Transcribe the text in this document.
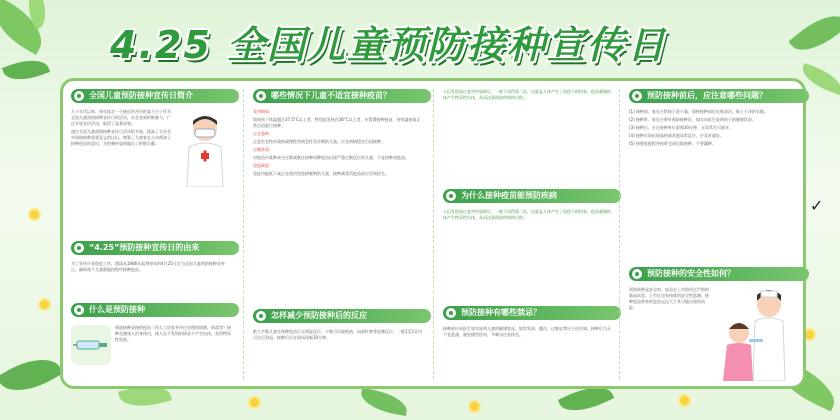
✓
4.25 全国儿童预防接种宣传日
全国儿童预防接种宣传日简介

九十年代以来，每年选定一个接近四月份的某个日子作为全国儿童预防接种宣传日的活动，社会各界积极参与，广泛开展宣传活动，取得了显著成效。

通过全国儿童预防接种宣传日活动的开展，提高了全社会对预防接种重要意义的认识，增强了儿童家长主动带孩子接种疫苗的意识，为控制传染病做出了积极贡献。

“4.25”预防接种宣传日的由来

为了宣传计划免疫工作，我国从1986年起将每年的4月25日定为全国儿童预防接种宣传日，确保每个儿童都能按程序接种疫苗。

什么是预防接种

预防接种是指把疫苗（用人工培育并经过处理的病菌、病毒等）接种在健康人的身体内，使人在不发病的情况下产生抗体，获得特异性免疫。

哪些情况下儿童不适宜接种疫苗？

发热期间：

如果孩子体温超过37.5°C以上者，特别是发热在38°C以上者，应暂缓接种疫苗，待体温恢复正常后再进行接种。

正在患病：

正患有急性传染病或慢性疾病急性发作期的儿童，应在病情稳定后再接种。

过敏体质：

对疫苗中某种成分过敏或既往接种同种疫苗出现严重过敏反应的儿童，不宜接种该疫苗。

免疫缺陷：

免疫功能低下或正在使用免疫抑制剂的儿童，接种减毒活疫苗前应咨询医生。

怎样减少预防接种后的反应

绝大多数儿童在接种疫苗后无明显反应，少数可出现低热、局部红肿等轻微反应，一般1至2天内可自行消退。接种后应在现场留观30分钟。

人们发现患过某些传染病后，一般不再得第二次，这就是人体产生了免疫力的结果。疫苗刺激机体产生特异性抗体，从而达到预防疾病的目的。

为什么接种疫苗能预防疾病

人们发现患过某些传染病后，一般不再得第二次，这就是人体产生了免疫力的结果。疫苗刺激机体产生特异性抗体，从而达到预防疾病的目的。

预防接种有哪些禁忌？

接种前应向医生如实说明儿童的健康状况，如有发热、腹泻、过敏史等应主动告知。接种后当天不宜洗澡，避免剧烈活动，多喝水注意休息。

预防接种前后，应注意哪些问题？

(1) 接种前，家长应给孩子洗个澡，保持接种部位皮肤清洁，换上干净的衣服。

(2) 接种时，家长应带好预防接种证，如实向医生说明孩子的健康状况。

(3) 接种后，应在接种单位留观30分钟，无异常方可离开。

(4) 接种后如出现高热或其他异常反应，应及时就医。

(5) 按照免疫程序按时完成后续接种，不要漏种。

预防接种的安全性如何？

预防接种是安全的。疫苗在上市前经过严格的临床试验，上市后也有持续的安全性监测。接种疫苗带来的益处远远大于其可能出现的风险。
